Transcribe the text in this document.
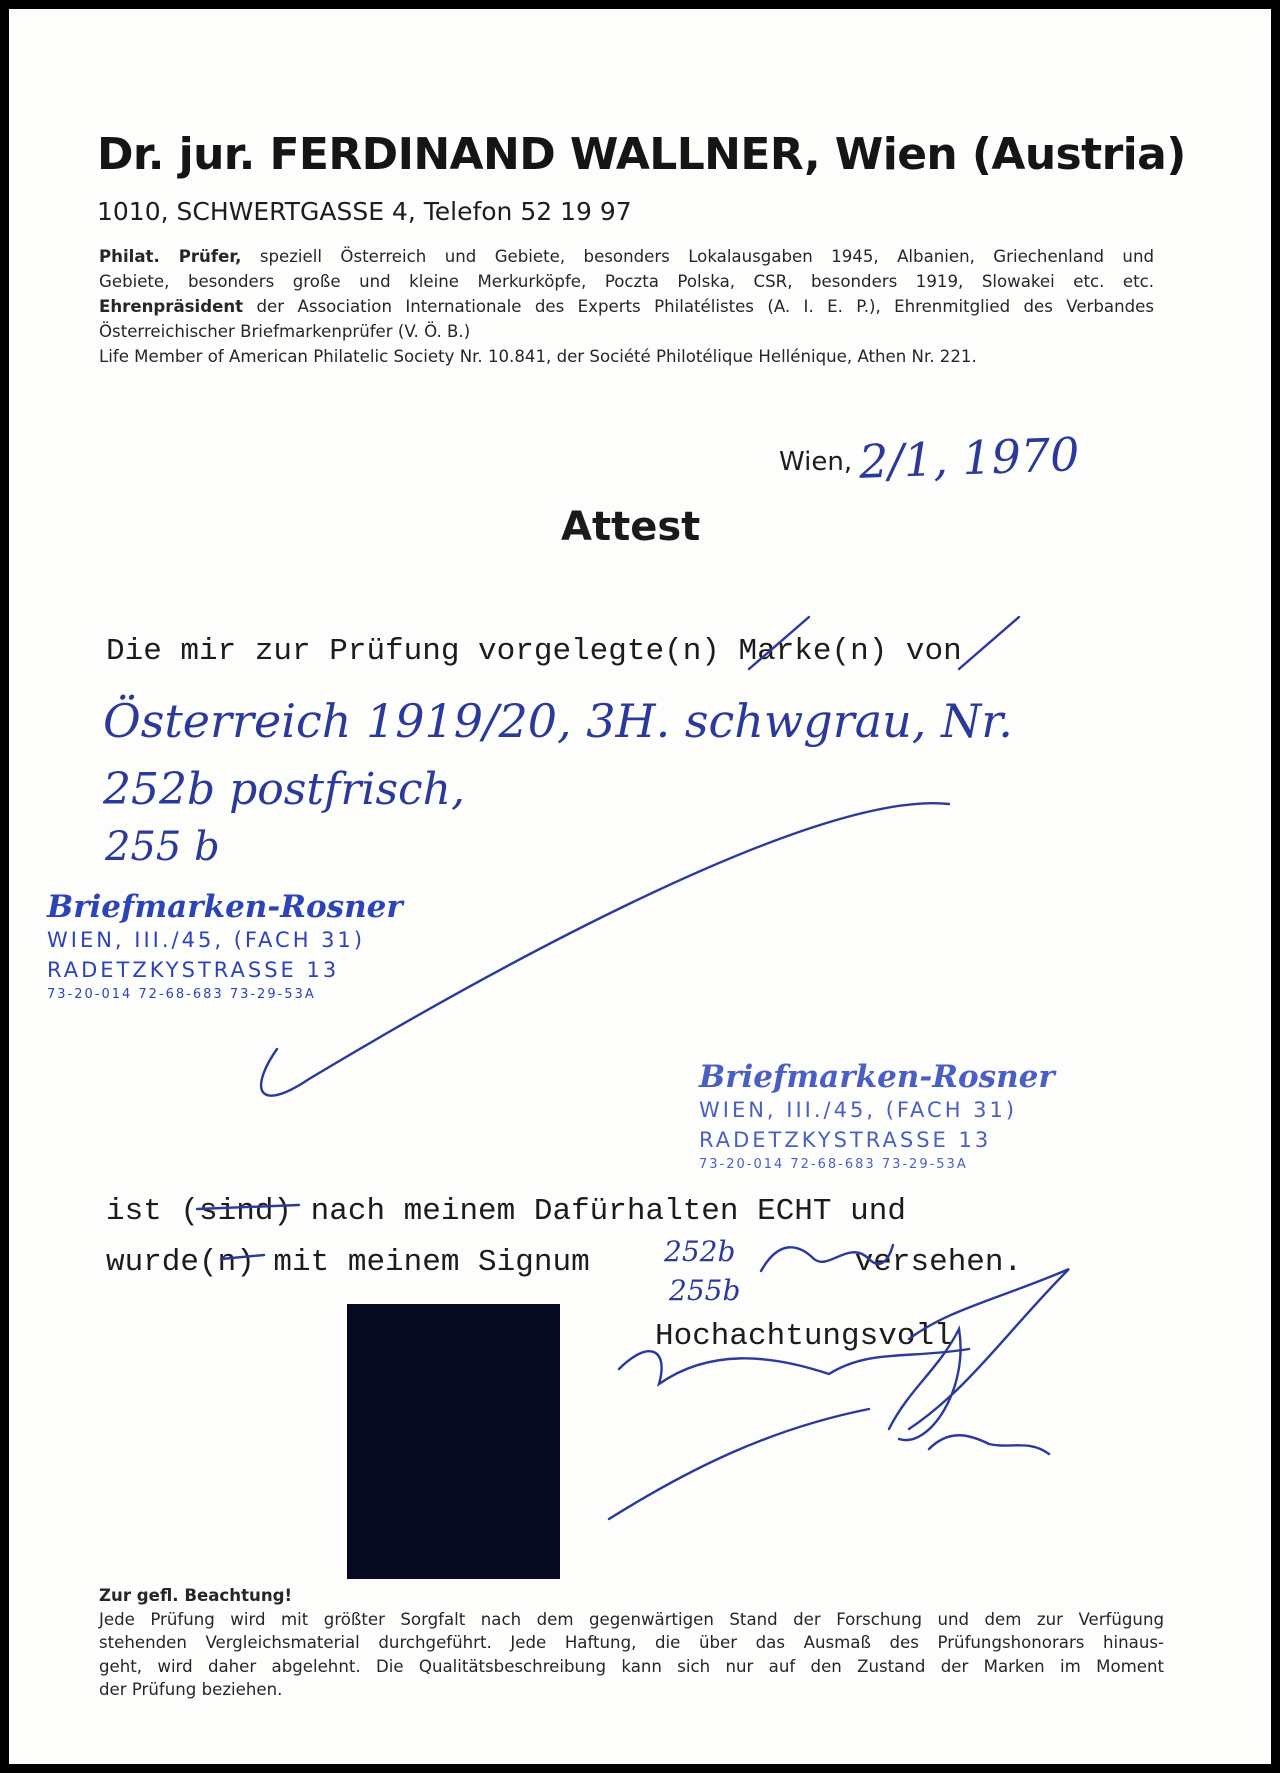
Dr. jur. FERDINAND WALLNER, Wien (Austria)
1010, SCHWERTGASSE 4, Telefon 52 19 97
Philat. Prüfer, speziell Österreich und Gebiete, besonders Lokalausgaben 1945, Albanien, Griechenland und
Gebiete, besonders große und kleine Merkurköpfe, Poczta Polska, CSR, besonders 1919, Slowakei etc. etc.
Ehrenpräsident der Association Internationale des Experts Philatélistes (A. I. E. P.), Ehrenmitglied des Verbandes
Österreichischer Briefmarkenprüfer (V. Ö. B.)
Life Member of American Philatelic Society Nr. 10.841, der Société Philotélique Hellénique, Athen Nr. 221.
Wien, 2/1, 1970
Attest
Die mir zur Prüfung vorgelegte(n) Marke(n) von
Österreich 1919/20, 3H. schwgrau, Nr.
252b postfrisch,
255 b
Briefmarken-Rosner
WIEN, III./45, (FACH 31)
RADETZKYSTRASSE 13
73-20-014 72-68-683 73-29-53A
Briefmarken-Rosner
WIEN, III./45, (FACH 31)
RADETZKYSTRASSE 13
73-20-014 72-68-683 73-29-53A
ist (sind) nach meinem Dafürhalten ECHT und
wurde(n) mit meinem Signum	versehen.
252b
255b
Hochachtungsvoll
Zur gefl. Beachtung!
Jede Prüfung wird mit größter Sorgfalt nach dem gegenwärtigen Stand der Forschung und dem zur Verfügung
stehenden Vergleichsmaterial durchgeführt. Jede Haftung, die über das Ausmaß des Prüfungshonorars hinaus-
geht, wird daher abgelehnt. Die Qualitätsbeschreibung kann sich nur auf den Zustand der Marken im Moment
der Prüfung beziehen.
